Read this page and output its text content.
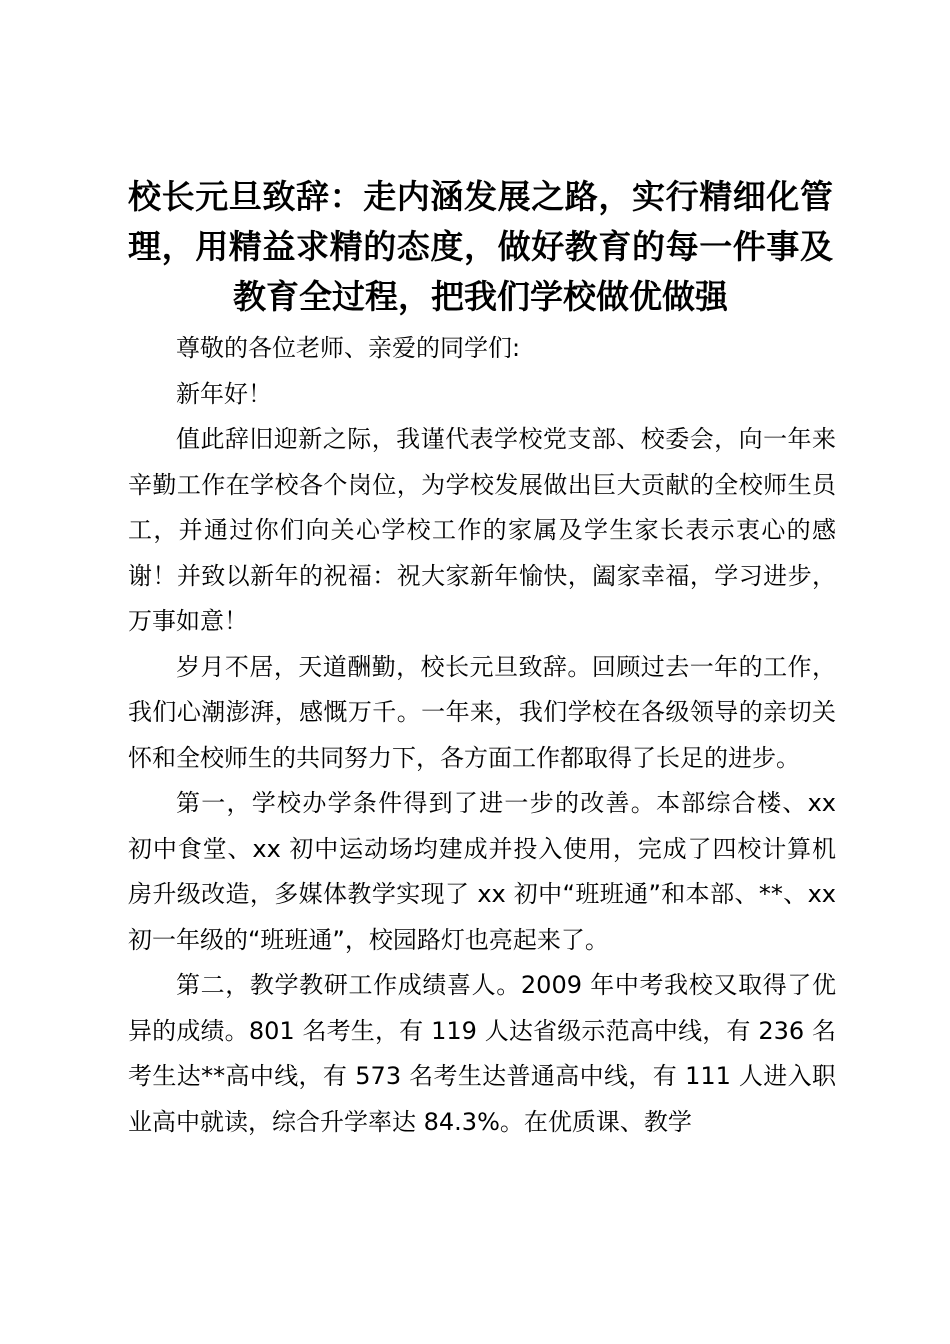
校长元旦致辞：走内涵发展之路，实行精细化管理，用精益求精的态度，做好教育的每一件事及教育全过程，把我们学校做优做强

尊敬的各位老师、亲爱的同学们:

新年好！

值此辞旧迎新之际，我谨代表学校党支部、校委会，向一年来辛勤工作在学校各个岗位，为学校发展做出巨大贡献的全校师生员工，并通过你们向关心学校工作的家属及学生家长表示衷心的感谢！并致以新年的祝福：祝大家新年愉快，阖家幸福，学习进步，万事如意！

岁月不居，天道酬勤，校长元旦致辞。回顾过去一年的工作，我们心潮澎湃，感慨万千。一年来，我们学校在各级领导的亲切关怀和全校师生的共同努力下，各方面工作都取得了长足的进步。

第一，学校办学条件得到了进一步的改善。本部综合楼、xx 初中食堂、xx 初中运动场均建成并投入使用，完成了四校计算机房升级改造，多媒体教学实现了 xx 初中“班班通”和本部、**、xx 初一年级的“班班通”，校园路灯也亮起来了。

第二，教学教研工作成绩喜人。2009 年中考我校又取得了优异的成绩。801 名考生，有 119 人达省级示范高中线，有 236 名考生达**高中线，有 573 名考生达普通高中线，有 111 人进入职业高中就读，综合升学率达 84.3%。在优质课、教学
